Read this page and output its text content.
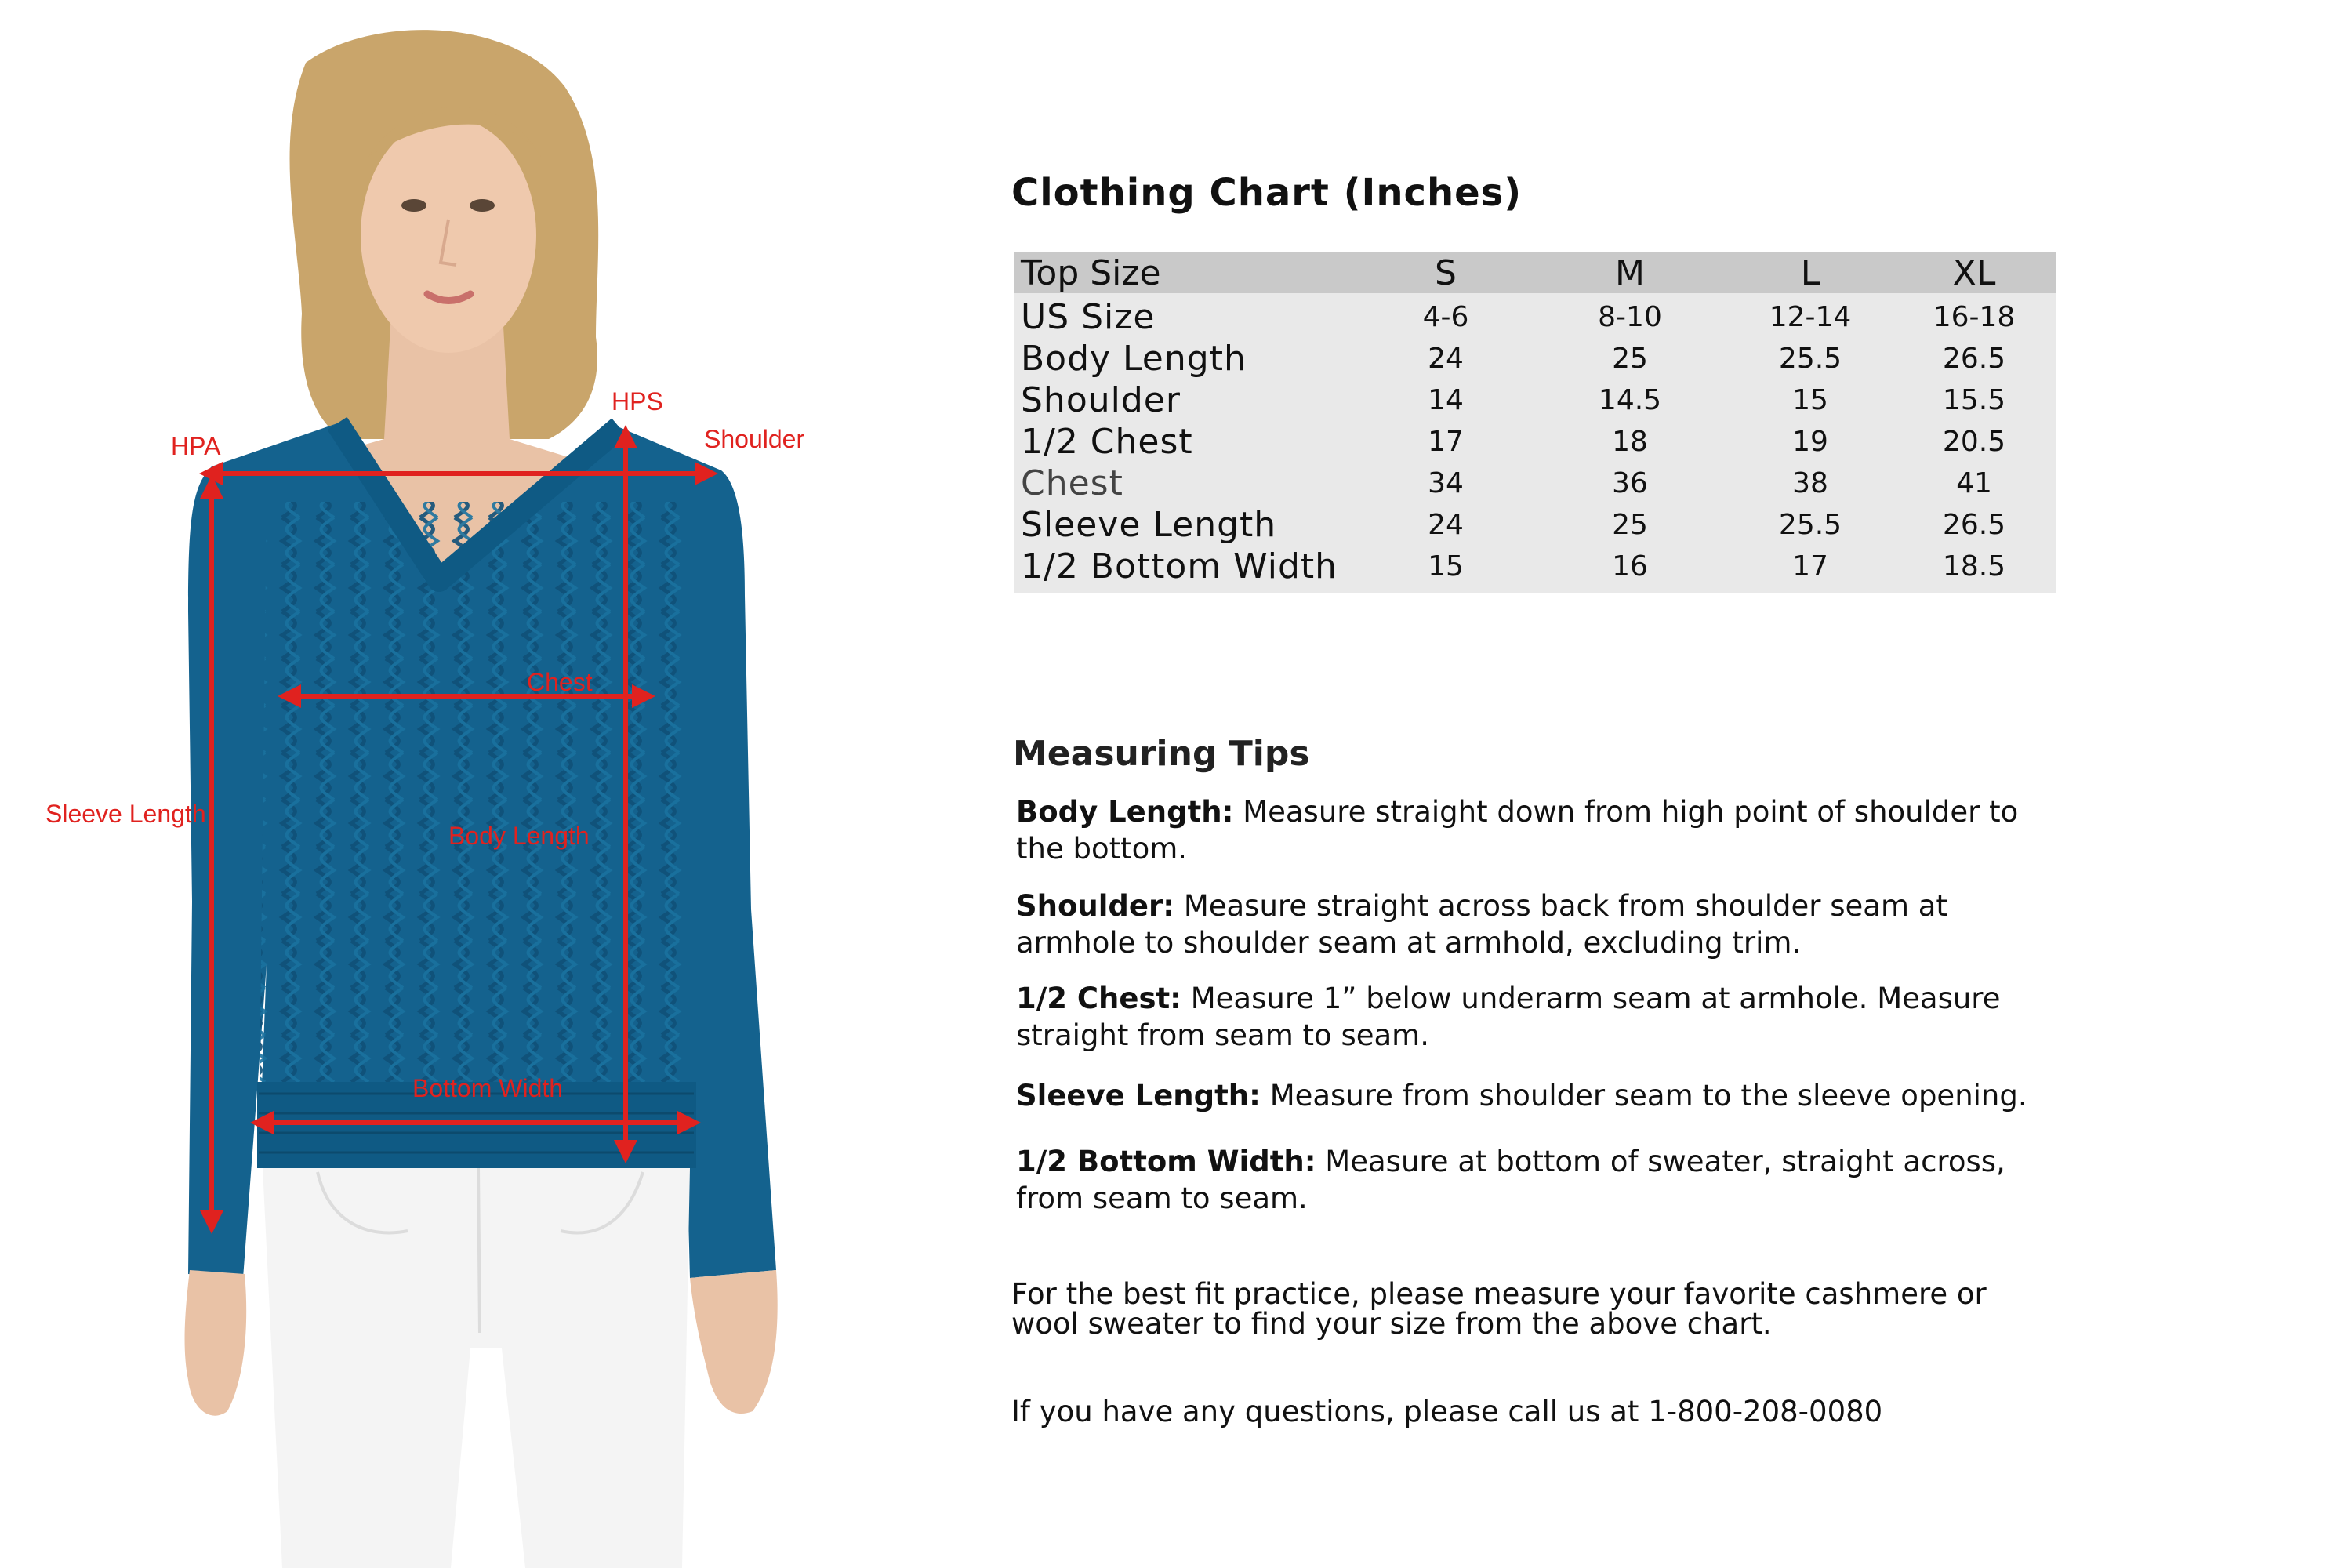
HPA
HPS
Shoulder
Chest
Sleeve Length
Body Length
Bottom Width
Clothing Chart (Inches)
Top Size	S	M	L	XL
US Size	4-6	8-10	12-14	16-18
Body Length	24	25	25.5	26.5
Shoulder	14	14.5	15	15.5
1/2 Chest	17	18	19	20.5
Chest	34	36	38	41
Sleeve Length	24	25	25.5	26.5
1/2 Bottom Width	15	16	17	18.5
Measuring Tips
Body Length: Measure straight down from high point of shoulder to the bottom.
Shoulder: Measure straight across back from shoulder seam at armhole to shoulder seam at armhold, excluding trim.
1/2 Chest: Measure 1” below underarm seam at armhole. Measure straight from seam to seam.
Sleeve Length: Measure from shoulder seam to the sleeve opening.
1/2 Bottom Width: Measure at bottom of sweater, straight across, from seam to seam.
For the best fit practice, please measure your favorite cashmere or wool sweater to find your size from the above chart.
If you have any questions, please call us at 1-800-208-0080
